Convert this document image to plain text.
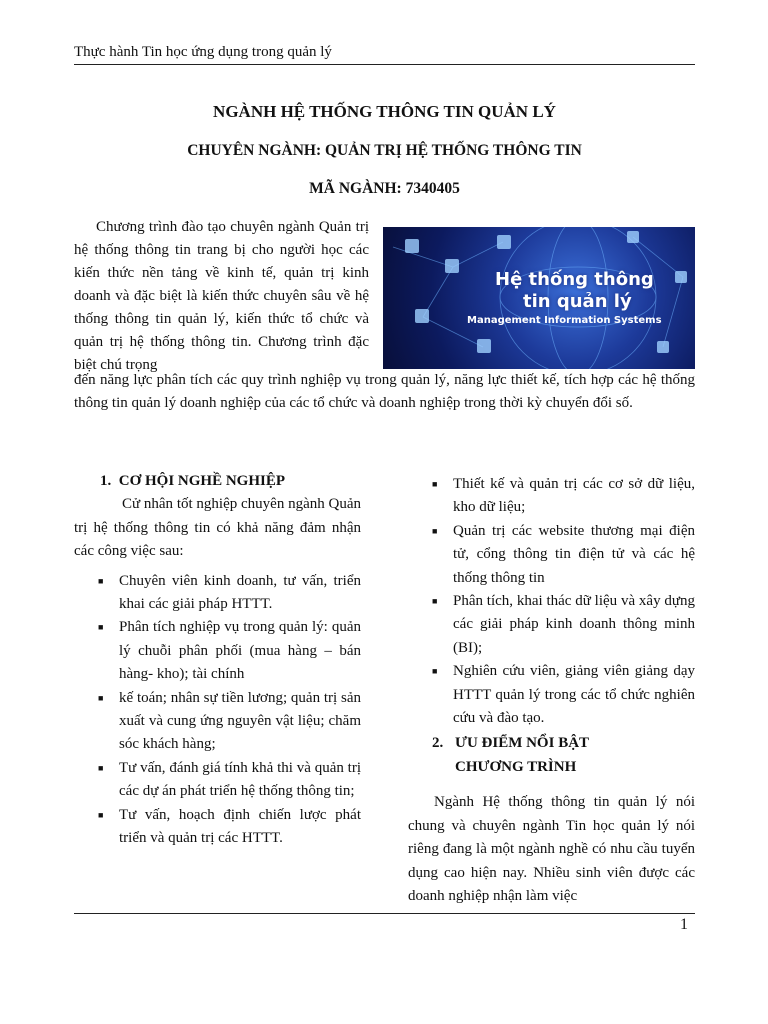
Thực hành Tin học ứng dụng trong quản lý
NGÀNH HỆ THỐNG THÔNG TIN QUẢN LÝ
CHUYÊN NGÀNH: QUẢN TRỊ HỆ THỐNG THÔNG TIN
MÃ NGÀNH: 7340405
Chương trình đào tạo chuyên ngành Quản trị hệ thống thông tin trang bị cho người học các kiến thức nền tảng về kinh tế, quản trị kinh doanh và đặc biệt là kiến thức chuyên sâu về hệ thống thông tin quản lý, kiến thức tổ chức và quản trị hệ thống thông tin. Chương trình đặc biệt chú trọng
Hệ thống thông
tin quản lý
Management Information Systems
đến năng lực phân tích các quy trình nghiệp vụ trong quản lý, năng lực thiết kế, tích hợp các hệ thống thông tin quản lý doanh nghiệp của các tổ chức và doanh nghiệp trong thời kỳ chuyển đổi số.
1. CƠ HỘI NGHỀ NGHIỆP
Cử nhân tốt nghiệp chuyên ngành Quản trị hệ thống thông tin có khả năng đảm nhận các công việc sau:
■ Chuyên viên kinh doanh, tư vấn, triển khai các giải pháp HTTT.
■ Phân tích nghiệp vụ trong quản lý: quản lý chuỗi phân phối (mua hàng – bán hàng- kho); tài chính
■ kế toán; nhân sự tiền lương; quản trị sản xuất và cung ứng nguyên vật liệu; chăm sóc khách hàng;
■ Tư vấn, đánh giá tính khả thi và quản trị các dự án phát triển hệ thống thông tin;
■ Tư vấn, hoạch định chiến lược phát triển và quản trị các HTTT.
■ Thiết kế và quản trị các cơ sở dữ liệu, kho dữ liệu;
■ Quản trị các website thương mại điện tử, cổng thông tin điện tử và các hệ thống thông tin
■ Phân tích, khai thác dữ liệu và xây dựng các giải pháp kinh doanh thông minh (BI);
■ Nghiên cứu viên, giảng viên giảng dạy HTTT quản lý trong các tổ chức nghiên cứu và đào tạo.
2. ƯU ĐIỂM NỔI BẬT
CHƯƠNG TRÌNH
Ngành Hệ thống thông tin quản lý nói chung và chuyên ngành Tin học quản lý nói riêng đang là một ngành nghề có nhu cầu tuyển dụng cao hiện nay. Nhiều sinh viên được các doanh nghiệp nhận làm việc
1
